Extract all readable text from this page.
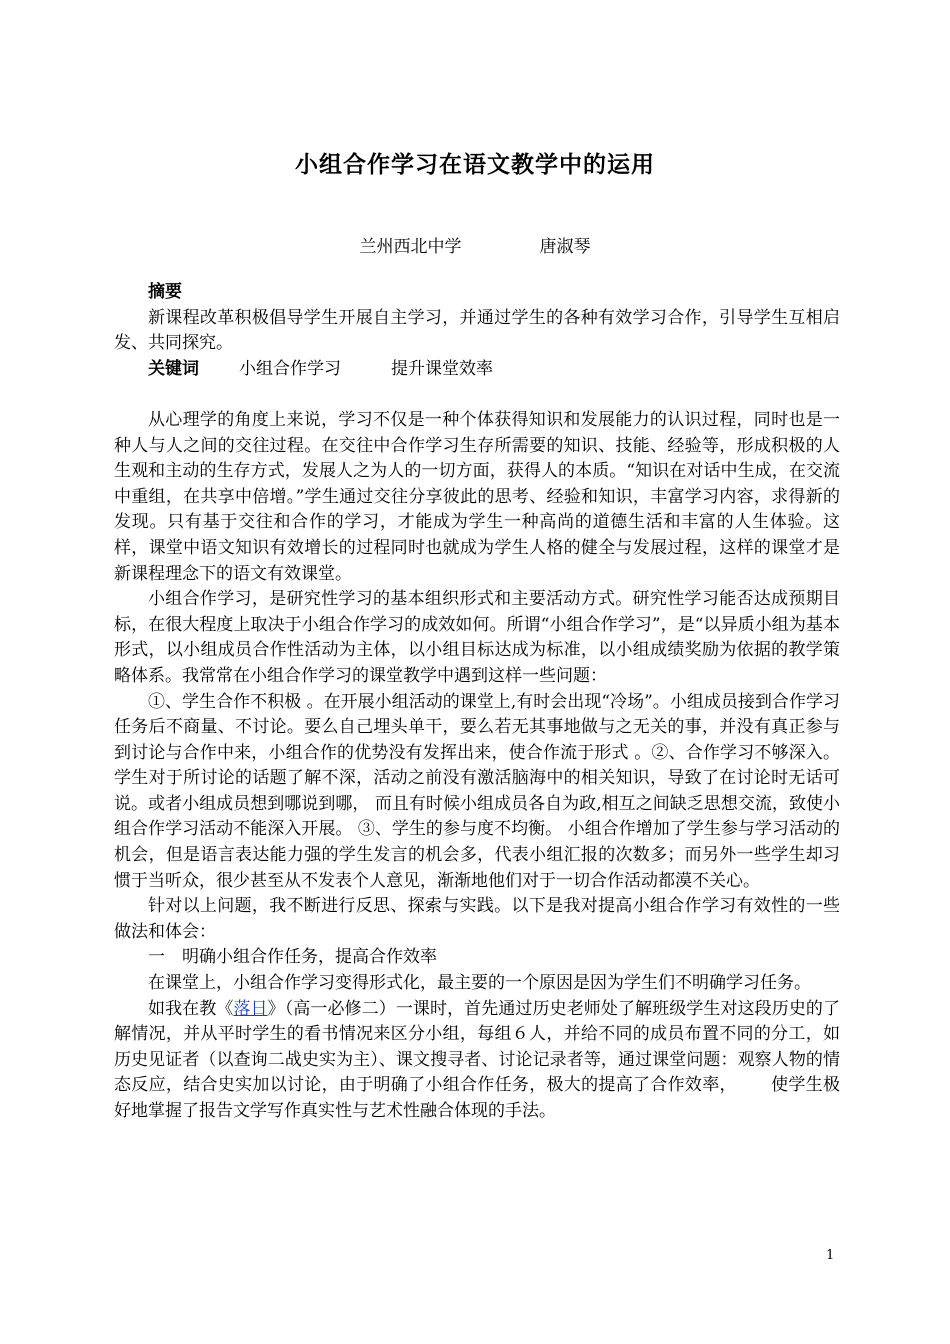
小组合作学习在语文教学中的运用
兰州西北中学	唐淑琴

摘要

新课程改革积极倡导学生开展自主学习，并通过学生的各种有效学习合作，引导学生互相启发、共同探究。

关键词 小组合作学习	提升课堂效率

从心理学的角度上来说，学习不仅是一种个体获得知识和发展能力的认识过程，同时也是一种人与人之间的交往过程。在交往中合作学习生存所需要的知识、技能、经验等，形成积极的人生观和主动的生存方式，发展人之为人的一切方面，获得人的本质。“知识在对话中生成，在交流中重组，在共享中倍增。”学生通过交往分享彼此的思考、经验和知识，丰富学习内容，求得新的发现。只有基于交往和合作的学习，才能成为学生一种高尚的道德生活和丰富的人生体验。这样，课堂中语文知识有效增长的过程同时也就成为学生人格的健全与发展过程，这样的课堂才是新课程理念下的语文有效课堂。

小组合作学习，是研究性学习的基本组织形式和主要活动方式。研究性学习能否达成预期目标，在很大程度上取决于小组合作学习的成效如何。所谓“小组合作学习”，是“以异质小组为基本形式，以小组成员合作性活动为主体，以小组目标达成为标准，以小组成绩奖励为依据的教学策略体系。我常常在小组合作学习的课堂教学中遇到这样一些问题：

①、学生合作不积极 。在开展小组活动的课堂上,有时会出现“冷场”。小组成员接到合作学习任务后不商量、不讨论。要么自己埋头单干，要么若无其事地做与之无关的事，并没有真正参与到讨论与合作中来，小组合作的优势没有发挥出来，使合作流于形式 。②、合作学习不够深入。 学生对于所讨论的话题了解不深，活动之前没有激活脑海中的相关知识，导致了在讨论时无话可说。或者小组成员想到哪说到哪， 而且有时候小组成员各自为政,相互之间缺乏思想交流，致使小组合作学习活动不能深入开展。 ③、学生的参与度不均衡。 小组合作增加了学生参与学习活动的机会，但是语言表达能力强的学生发言的机会多，代表小组汇报的次数多；而另外一些学生却习惯于当听众，很少甚至从不发表个人意见，渐渐地他们对于一切合作活动都漠不关心。

针对以上问题，我不断进行反思、探索与实践。以下是我对提高小组合作学习有效性的一些做法和体会：

一　明确小组合作任务，提高合作效率

在课堂上，小组合作学习变得形式化，最主要的一个原因是因为学生们不明确学习任务。

如我在教《落日》（高一必修二）一课时，首先通过历史老师处了解班级学生对这段历史的了解情况，并从平时学生的看书情况来区分小组，每组６人，并给不同的成员布置不同的分工，如历史见证者（以查询二战史实为主）、课文搜寻者、讨论记录者等，通过课堂问题：观察人物的情态反应，结合史实加以讨论，由于明确了小组合作任务，极大的提高了合作效率， 使学生极好地掌握了报告文学写作真实性与艺术性融合体现的手法。

1
